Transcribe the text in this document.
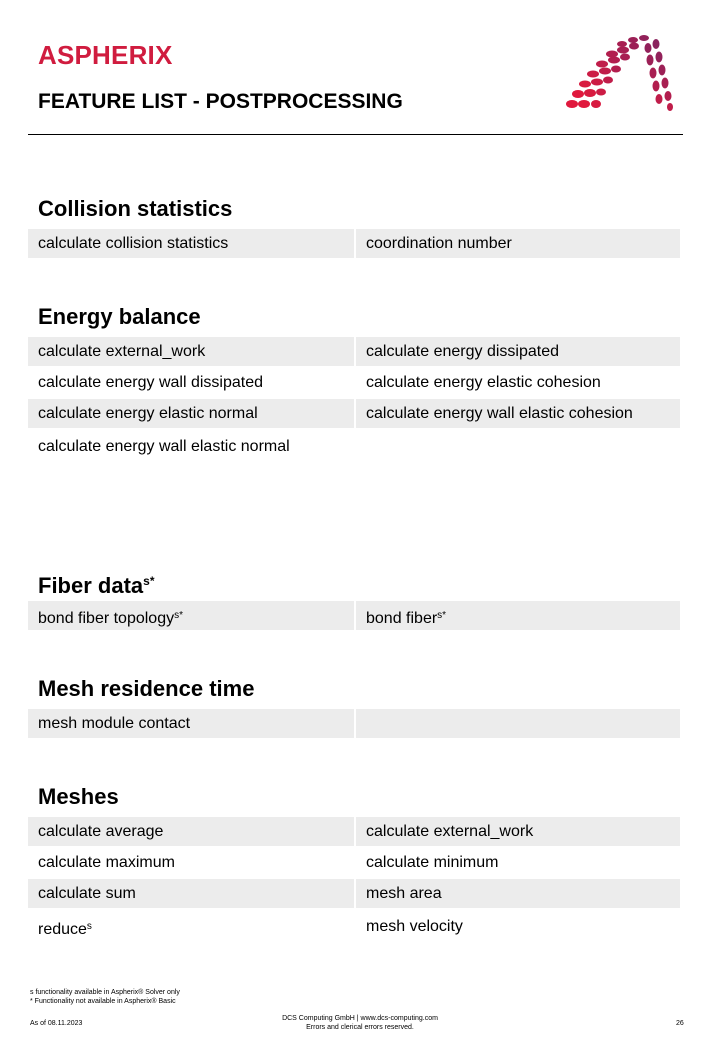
ASPHERIX
FEATURE LIST - POSTPROCESSING
Collision statistics
calculate collision statistics	coordination number
Energy balance
calculate external_work	calculate energy dissipated
calculate energy wall dissipated	calculate energy elastic cohesion
calculate energy elastic normal	calculate energy wall elastic cohesion
calculate energy wall elastic normal
Fiber data$^{s*}$
bond fiber topology$^{s*}$	bond fiber$^{s*}$
Mesh residence time
mesh module contact
Meshes
calculate average	calculate external_work
calculate maximum	calculate minimum
calculate sum	mesh area
reduce$^s$	mesh velocity
s functionality available in Aspherix® Solver only
* Functionality not available in Aspherix® Basic
As of 08.11.2023
DCS Computing GmbH | www.dcs-computing.com
Errors and clerical errors reserved.
26
